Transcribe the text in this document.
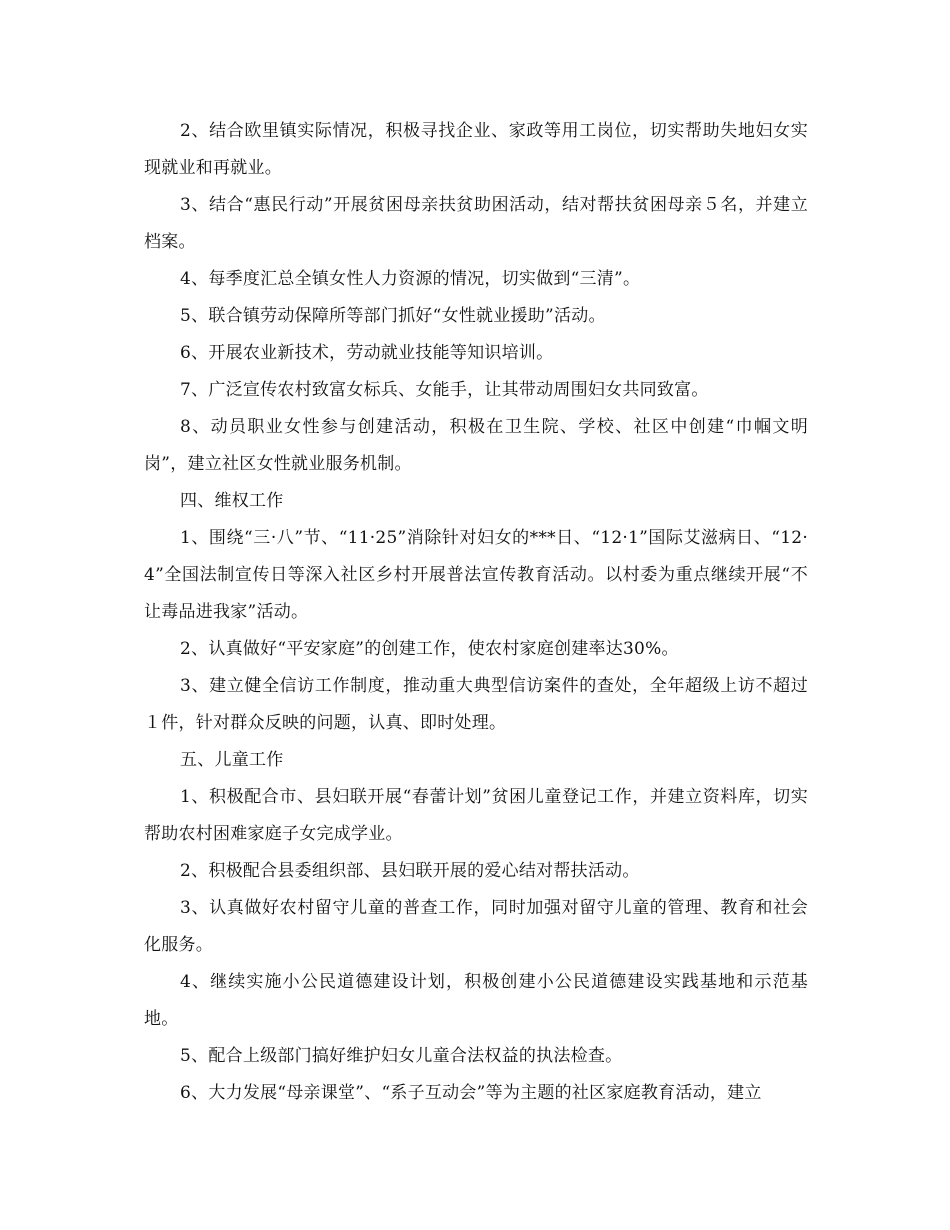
2、结合欧里镇实际情况，积极寻找企业、家政等用工岗位，切实帮助失地妇女实现就业和再就业。

3、结合“惠民行动”开展贫困母亲扶贫助困活动，结对帮扶贫困母亲５名，并建立档案。

4、每季度汇总全镇女性人力资源的情况，切实做到“三清”。

5、联合镇劳动保障所等部门抓好“女性就业援助”活动。

6、开展农业新技术，劳动就业技能等知识培训。

7、广泛宣传农村致富女标兵、女能手，让其带动周围妇女共同致富。

8、动员职业女性参与创建活动，积极在卫生院、学校、社区中创建“巾帼文明岗”，建立社区女性就业服务机制。

四、维权工作

1、围绕“三·八”节、“11·25”消除针对妇女的***日、“12·1”国际艾滋病日、“12·4”全国法制宣传日等深入社区乡村开展普法宣传教育活动。以村委为重点继续开展“不让毒品进我家”活动。

2、认真做好“平安家庭”的创建工作，使农村家庭创建率达30%。

3、建立健全信访工作制度，推动重大典型信访案件的查处，全年超级上访不超过１件，针对群众反映的问题，认真、即时处理。

五、儿童工作

1、积极配合市、县妇联开展“春蕾计划”贫困儿童登记工作，并建立资料库，切实帮助农村困难家庭子女完成学业。

2、积极配合县委组织部、县妇联开展的爱心结对帮扶活动。

3、认真做好农村留守儿童的普查工作，同时加强对留守儿童的管理、教育和社会化服务。

4、继续实施小公民道德建设计划，积极创建小公民道德建设实践基地和示范基地。

5、配合上级部门搞好维护妇女儿童合法权益的执法检查。

6、大力发展“母亲课堂”、“系子互动会”等为主题的社区家庭教育活动，建立
